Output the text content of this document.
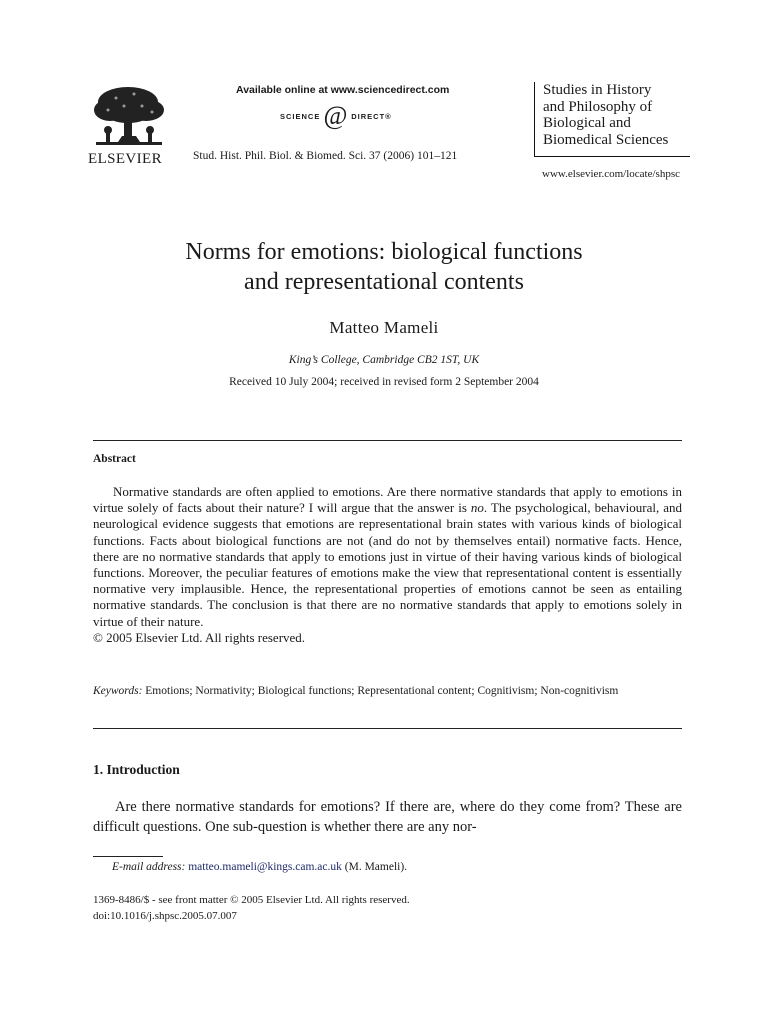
ELSEVIER
Available online at www.sciencedirect.com
SCIENCE @ DIRECT®
Stud. Hist. Phil. Biol. & Biomed. Sci. 37 (2006) 101–121
Studies in History
and Philosophy of
Biological and
Biomedical Sciences
www.elsevier.com/locate/shpsc
Norms for emotions: biological functions
and representational contents
Matteo Mameli
King’s College, Cambridge CB2 1ST, UK
Received 10 July 2004; received in revised form 2 September 2004
Abstract

Normative standards are often applied to emotions. Are there normative standards that apply to emotions in virtue solely of facts about their nature? I will argue that the answer is no. The psychological, behavioural, and neurological evidence suggests that emotions are representational brain states with various kinds of biological functions. Facts about biological functions are not (and do not by themselves entail) normative facts. Hence, there are no normative standards that apply to emotions just in virtue of their having various kinds of biological functions. Moreover, the peculiar features of emotions make the view that representational content is essentially normative very implausible. Hence, the representational properties of emotions cannot be seen as entailing normative standards. The conclusion is that there are no normative standards that apply to emotions solely in virtue of their nature.

© 2005 Elsevier Ltd. All rights reserved.

Keywords: Emotions; Normativity; Biological functions; Representational content; Cognitivism; Non-cognitivism
1. Introduction

Are there normative standards for emotions? If there are, where do they come from? These are difficult questions. One sub-question is whether there are any nor-

E-mail address: matteo.mameli@kings.cam.ac.uk (M. Mameli).
1369-8486/$ - see front matter © 2005 Elsevier Ltd. All rights reserved.
doi:10.1016/j.shpsc.2005.07.007
